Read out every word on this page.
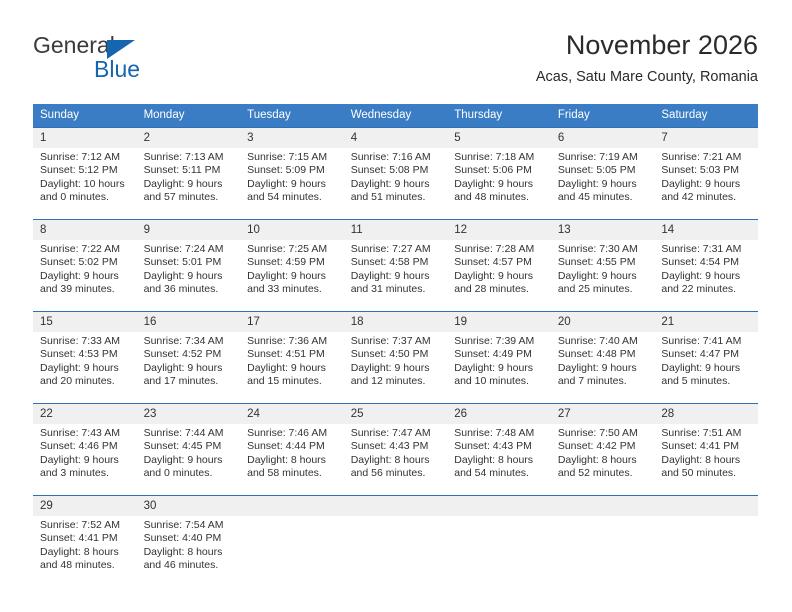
General
Blue
November 2026
Acas, Satu Mare County, Romania
Sunday	Monday	Tuesday	Wednesday	Thursday	Friday	Saturday
1	2	3	4	5	6	7

Sunrise: 7:12 AM
Sunset: 5:12 PM
Daylight: 10 hours
and 0 minutes.	Sunrise: 7:13 AM
Sunset: 5:11 PM
Daylight: 9 hours
and 57 minutes.	Sunrise: 7:15 AM
Sunset: 5:09 PM
Daylight: 9 hours
and 54 minutes.	Sunrise: 7:16 AM
Sunset: 5:08 PM
Daylight: 9 hours
and 51 minutes.	Sunrise: 7:18 AM
Sunset: 5:06 PM
Daylight: 9 hours
and 48 minutes.	Sunrise: 7:19 AM
Sunset: 5:05 PM
Daylight: 9 hours
and 45 minutes.	Sunrise: 7:21 AM
Sunset: 5:03 PM
Daylight: 9 hours
and 42 minutes.

8	9	10	11	12	13	14

Sunrise: 7:22 AM
Sunset: 5:02 PM
Daylight: 9 hours
and 39 minutes.	Sunrise: 7:24 AM
Sunset: 5:01 PM
Daylight: 9 hours
and 36 minutes.	Sunrise: 7:25 AM
Sunset: 4:59 PM
Daylight: 9 hours
and 33 minutes.	Sunrise: 7:27 AM
Sunset: 4:58 PM
Daylight: 9 hours
and 31 minutes.	Sunrise: 7:28 AM
Sunset: 4:57 PM
Daylight: 9 hours
and 28 minutes.	Sunrise: 7:30 AM
Sunset: 4:55 PM
Daylight: 9 hours
and 25 minutes.	Sunrise: 7:31 AM
Sunset: 4:54 PM
Daylight: 9 hours
and 22 minutes.

15	16	17	18	19	20	21

Sunrise: 7:33 AM
Sunset: 4:53 PM
Daylight: 9 hours
and 20 minutes.	Sunrise: 7:34 AM
Sunset: 4:52 PM
Daylight: 9 hours
and 17 minutes.	Sunrise: 7:36 AM
Sunset: 4:51 PM
Daylight: 9 hours
and 15 minutes.	Sunrise: 7:37 AM
Sunset: 4:50 PM
Daylight: 9 hours
and 12 minutes.	Sunrise: 7:39 AM
Sunset: 4:49 PM
Daylight: 9 hours
and 10 minutes.	Sunrise: 7:40 AM
Sunset: 4:48 PM
Daylight: 9 hours
and 7 minutes.	Sunrise: 7:41 AM
Sunset: 4:47 PM
Daylight: 9 hours
and 5 minutes.

22	23	24	25	26	27	28

Sunrise: 7:43 AM
Sunset: 4:46 PM
Daylight: 9 hours
and 3 minutes.	Sunrise: 7:44 AM
Sunset: 4:45 PM
Daylight: 9 hours
and 0 minutes.	Sunrise: 7:46 AM
Sunset: 4:44 PM
Daylight: 8 hours
and 58 minutes.	Sunrise: 7:47 AM
Sunset: 4:43 PM
Daylight: 8 hours
and 56 minutes.	Sunrise: 7:48 AM
Sunset: 4:43 PM
Daylight: 8 hours
and 54 minutes.	Sunrise: 7:50 AM
Sunset: 4:42 PM
Daylight: 8 hours
and 52 minutes.	Sunrise: 7:51 AM
Sunset: 4:41 PM
Daylight: 8 hours
and 50 minutes.

29	30					

Sunrise: 7:52 AM
Sunset: 4:41 PM
Daylight: 8 hours
and 48 minutes.	Sunrise: 7:54 AM
Sunset: 4:40 PM
Daylight: 8 hours
and 46 minutes.					
